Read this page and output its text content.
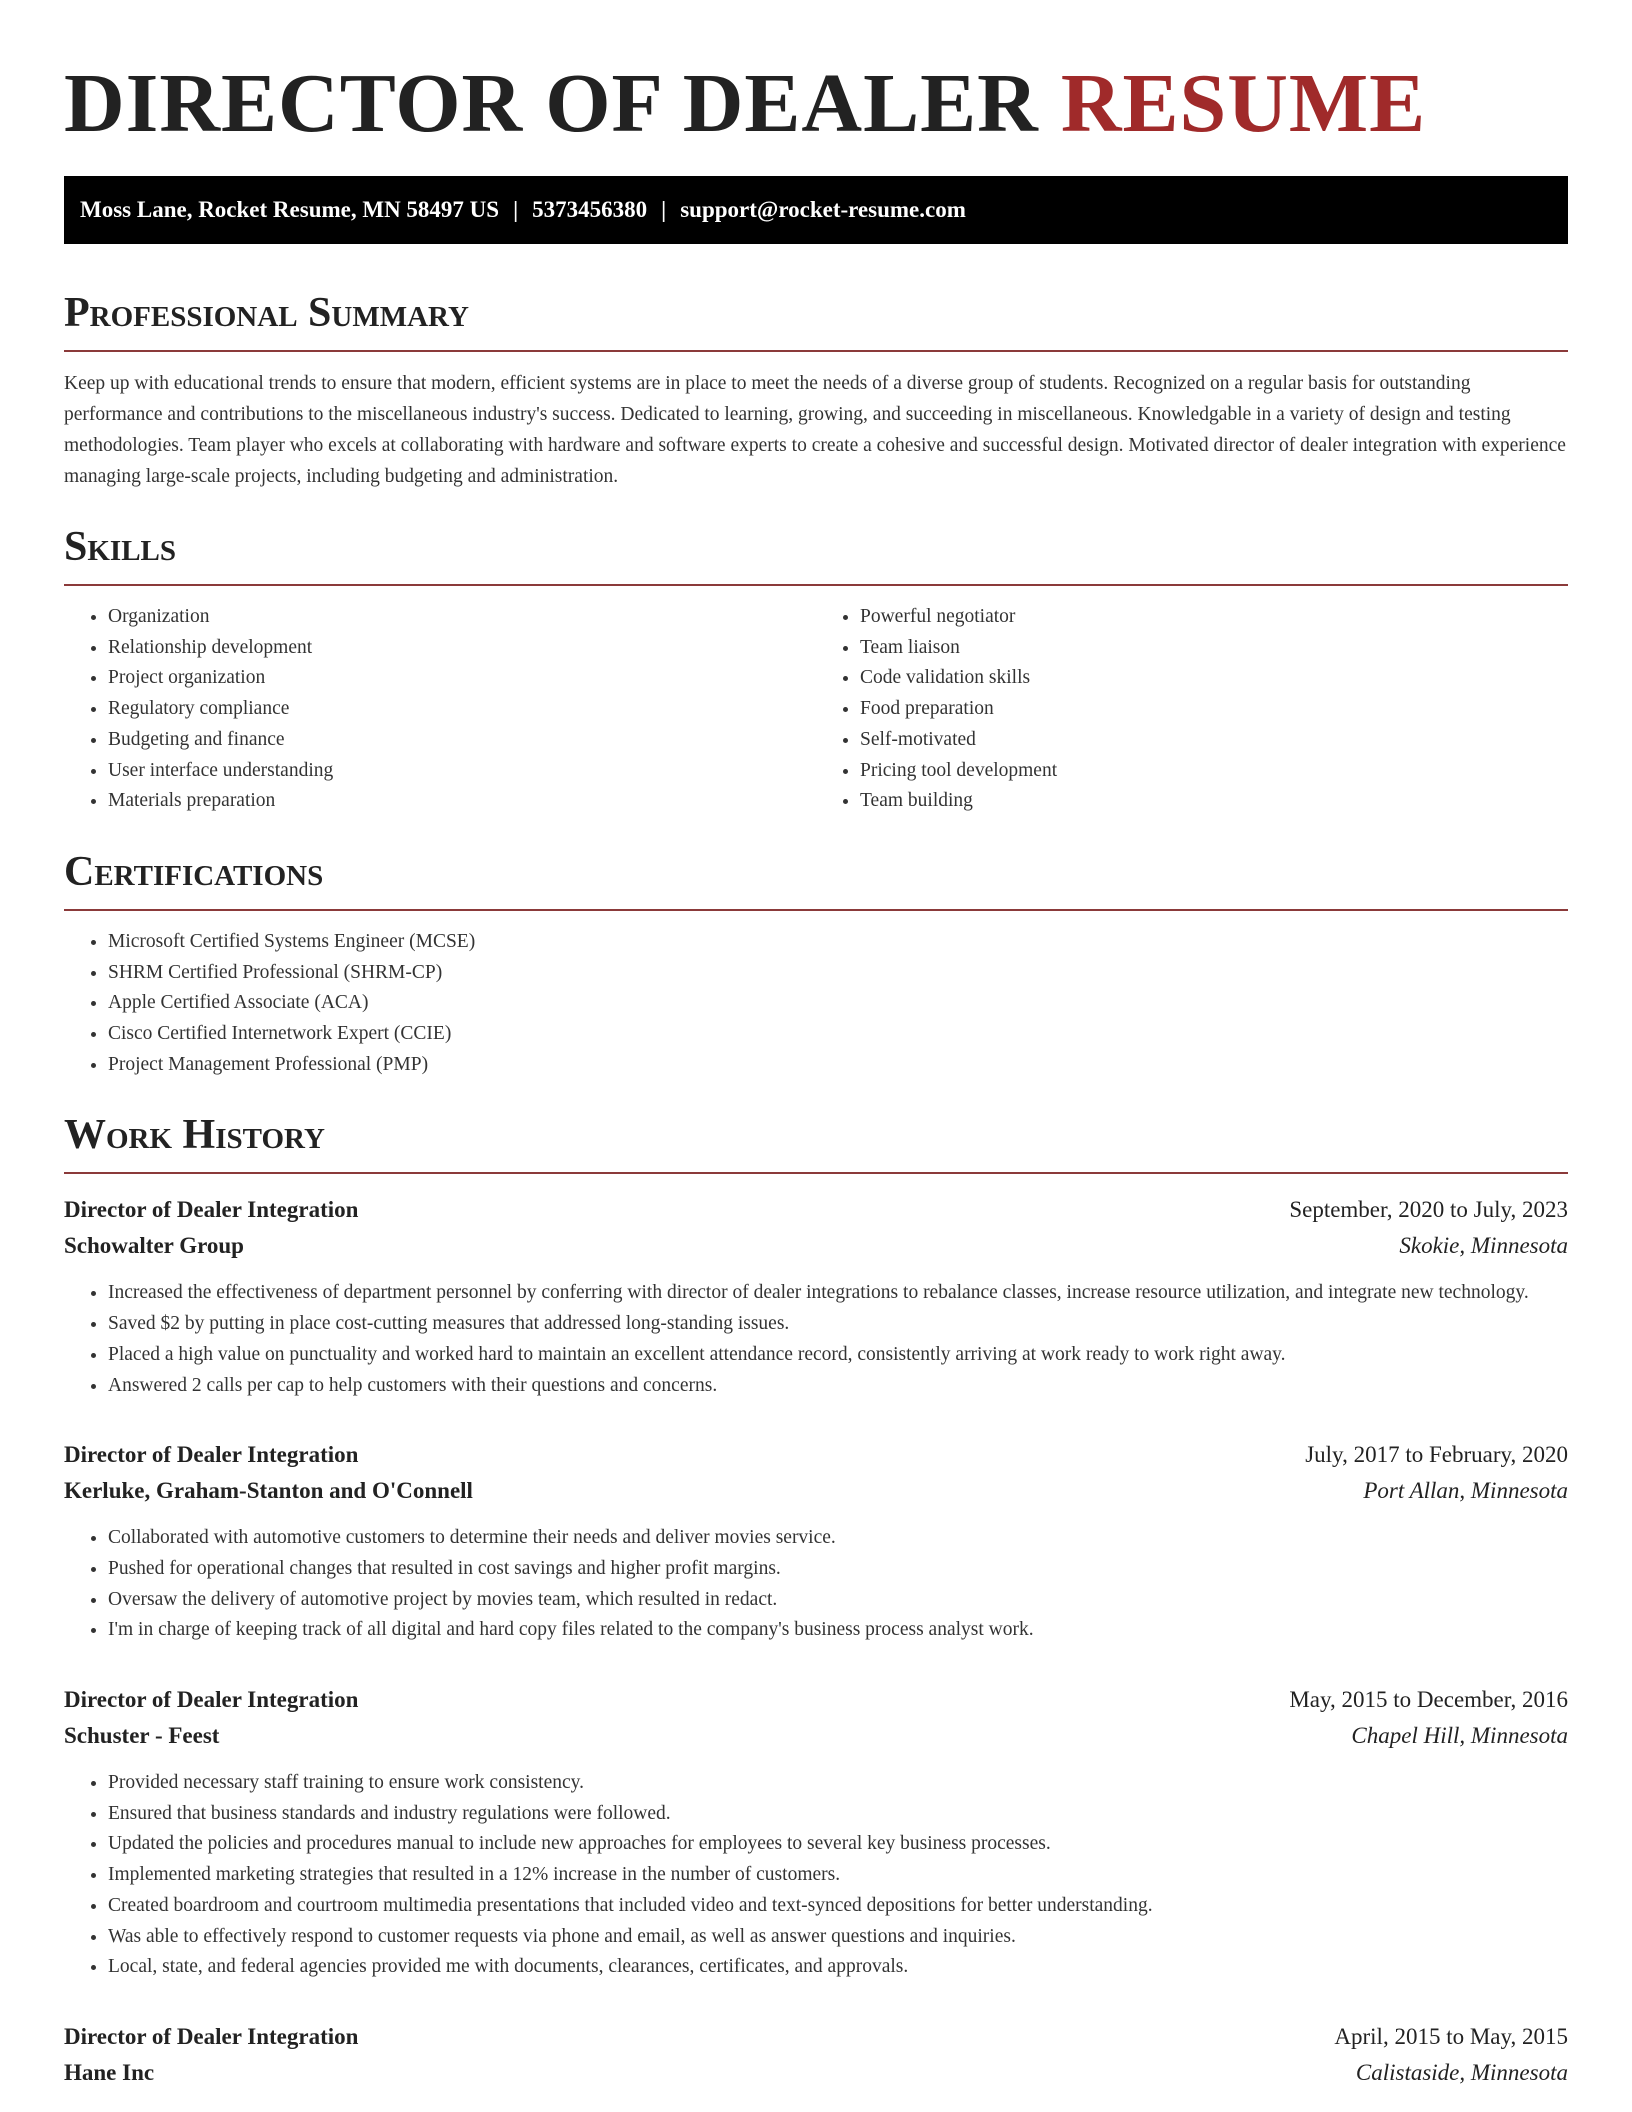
DIRECTOR OF DEALER RESUME
Moss Lane, Rocket Resume, MN 58497 US | 5373456380 | support@rocket-resume.com
Professional Summary

Keep up with educational trends to ensure that modern, efficient systems are in place to meet the needs of a diverse group of students. Recognized on a regular basis for outstanding performance and contributions to the miscellaneous industry's success. Dedicated to learning, growing, and succeeding in miscellaneous. Knowledgable in a variety of design and testing methodologies. Team player who excels at collaborating with hardware and software experts to create a cohesive and successful design. Motivated director of dealer integration with experience managing large-scale projects, including budgeting and administration.

Skills
• Organization
• Relationship development
• Project organization
• Regulatory compliance
• Budgeting and finance
• User interface understanding
• Materials preparation
• Powerful negotiator
• Team liaison
• Code validation skills
• Food preparation
• Self-motivated
• Pricing tool development
• Team building
Certifications
• Microsoft Certified Systems Engineer (MCSE)
• SHRM Certified Professional (SHRM-CP)
• Apple Certified Associate (ACA)
• Cisco Certified Internetwork Expert (CCIE)
• Project Management Professional (PMP)
Work History
Director of Dealer Integration	September, 2020 to July, 2023
Schowalter Group	Skokie, Minnesota
• Increased the effectiveness of department personnel by conferring with director of dealer integrations to rebalance classes, increase resource utilization, and integrate new technology.
• Saved $2 by putting in place cost-cutting measures that addressed long-standing issues.
• Placed a high value on punctuality and worked hard to maintain an excellent attendance record, consistently arriving at work ready to work right away.
• Answered 2 calls per cap to help customers with their questions and concerns.
Director of Dealer Integration	July, 2017 to February, 2020
Kerluke, Graham-Stanton and O'Connell	Port Allan, Minnesota
• Collaborated with automotive customers to determine their needs and deliver movies service.
• Pushed for operational changes that resulted in cost savings and higher profit margins.
• Oversaw the delivery of automotive project by movies team, which resulted in redact.
• I'm in charge of keeping track of all digital and hard copy files related to the company's business process analyst work.
Director of Dealer Integration	May, 2015 to December, 2016
Schuster - Feest	Chapel Hill, Minnesota
• Provided necessary staff training to ensure work consistency.
• Ensured that business standards and industry regulations were followed.
• Updated the policies and procedures manual to include new approaches for employees to several key business processes.
• Implemented marketing strategies that resulted in a 12% increase in the number of customers.
• Created boardroom and courtroom multimedia presentations that included video and text-synced depositions for better understanding.
• Was able to effectively respond to customer requests via phone and email, as well as answer questions and inquiries.
• Local, state, and federal agencies provided me with documents, clearances, certificates, and approvals.
Director of Dealer Integration	April, 2015 to May, 2015
Hane Inc	Calistaside, Minnesota
